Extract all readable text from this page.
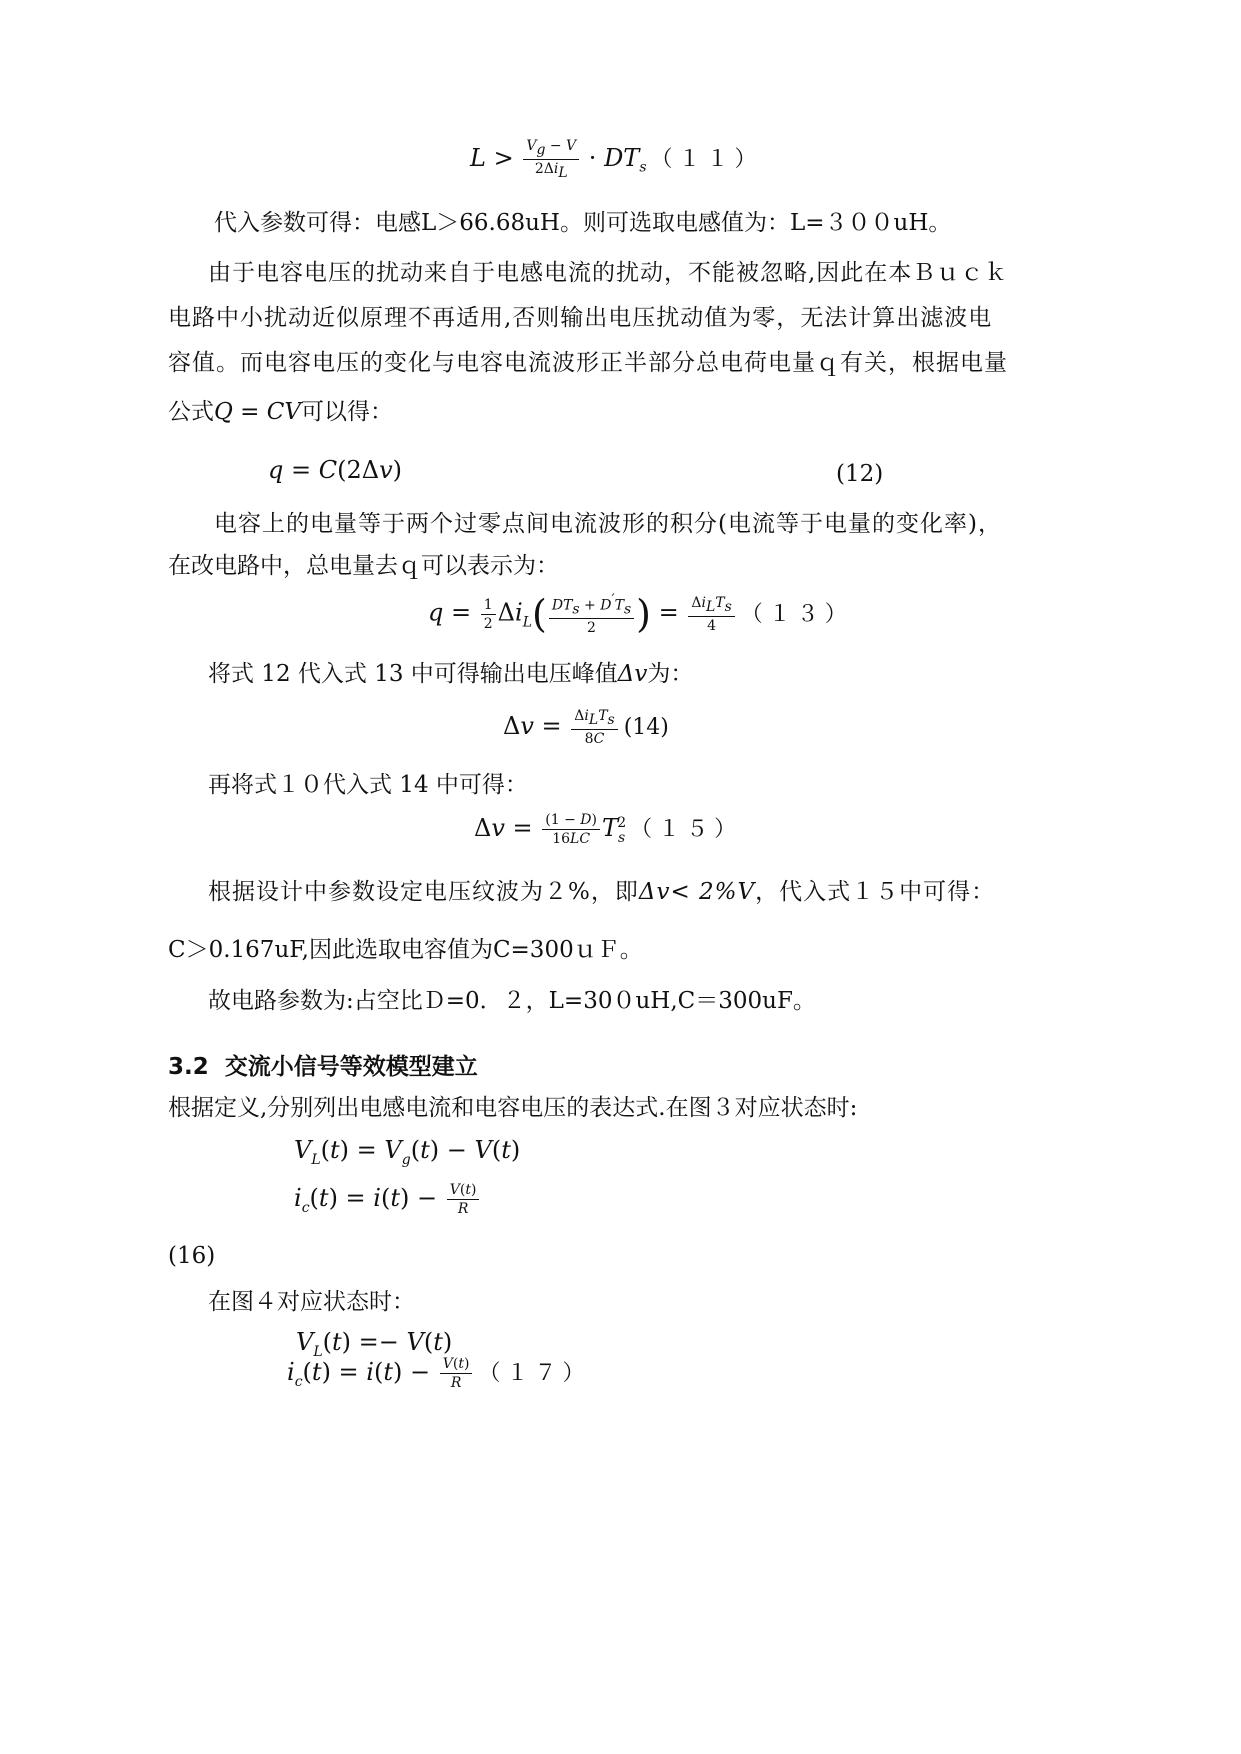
$L > \frac{V_g - V}{2\Delta i_L} \cdot DT_s$ （１１）
代入参数可得：电感L＞66.68uH。则可选取电感值为：L=３００uH。
由于电容电压的扰动来自于电感电流的扰动，不能被忽略,因此在本Ｂｕｃｋ
电路中小扰动近似原理不再适用,否则输出电压扰动值为零，无法计算出滤波电
容值。而电容电压的变化与电容电流波形正半部分总电荷电量ｑ有关，根据电量
公式Q = CV可以得：
q = C(2Δv)	(12)
电容上的电量等于两个过零点间电流波形的积分(电流等于电量的变化率)，
在改电路中，总电量去ｑ可以表示为：
$q = \frac{1}{2} \Delta i_L( \frac{DT_s + D'T_s}{2}$ ) = $\frac{\Delta i_LT_s}{4} (13)$
将式 12 代入式 13 中可得输出电压峰值Δv为：
$\Delta v = \frac{\Delta i_LT_s}{8C} (14)$
再将式１０代入式 14 中可得：
$\Delta v = \frac{(1 - D)}{16LC} T_s^2$ （１５）
根据设计中参数设定电压纹波为２%，即Δv< 2%V，代入式１５中可得：
C＞0.167uF,因此选取电容值为C=300ｕＦ。
故电路参数为:占空比Ｄ=0．２，L=30０uH,C＝300uF。
3.2 交流小信号等效模型建立
根据定义,分别列出电感电流和电容电压的表达式.在图３对应状态时:
$V_L(t) = V_g(t) - V(t)$
$i_c(t) = i(t) - \frac{V(t)}{R}$
(16)
在图４对应状态时：
$V_L(t) =- V(t)$
$i_c(t) = i(t) - \frac{V(t)}{R} (17)$
